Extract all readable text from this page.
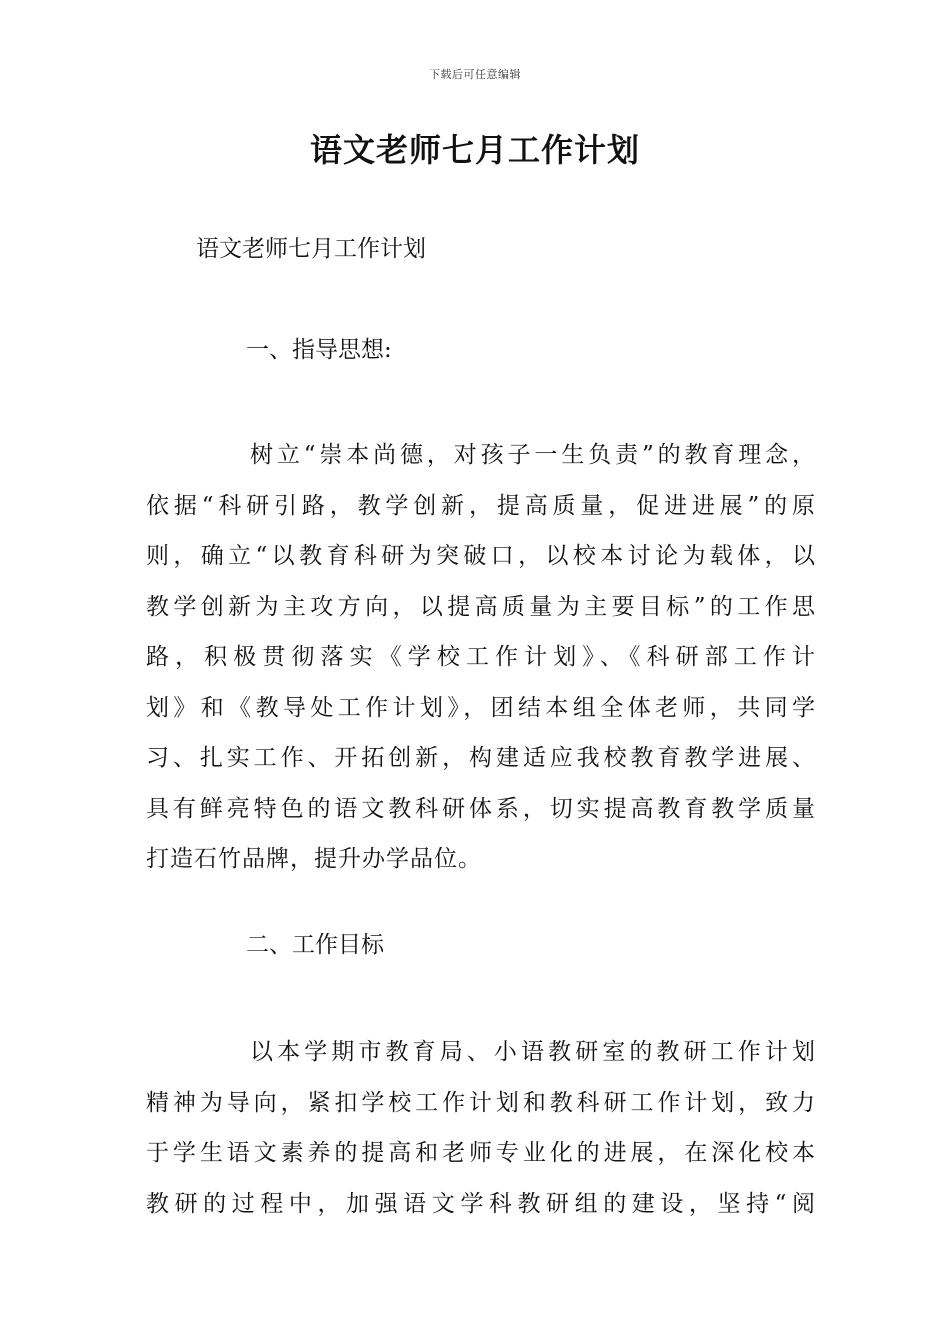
下载后可任意编辑
语文老师七月工作计划

语文老师七月工作计划

一、指导思想:
树立“崇本尚德，对孩子一生负责”的教育理念，
依据“科研引路，教学创新，提高质量，促进进展”的原
则，确立“以教育科研为突破口，以校本讨论为载体，以
教学创新为主攻方向，以提高质量为主要目标”的工作思
路，积极贯彻落实《学校工作计划》、《科研部工作计
划》和《教导处工作计划》，团结本组全体老师，共同学
习、扎实工作、开拓创新，构建适应我校教育教学进展、
具有鲜亮特色的语文教科研体系，切实提高教育教学质量
打造石竹品牌，提升办学品位。
二、工作目标
以本学期市教育局、小语教研室的教研工作计划
精神为导向，紧扣学校工作计划和教科研工作计划，致力
于学生语文素养的提高和老师专业化的进展，在深化校本
教研的过程中，加强语文学科教研组的建设，坚持“阅
